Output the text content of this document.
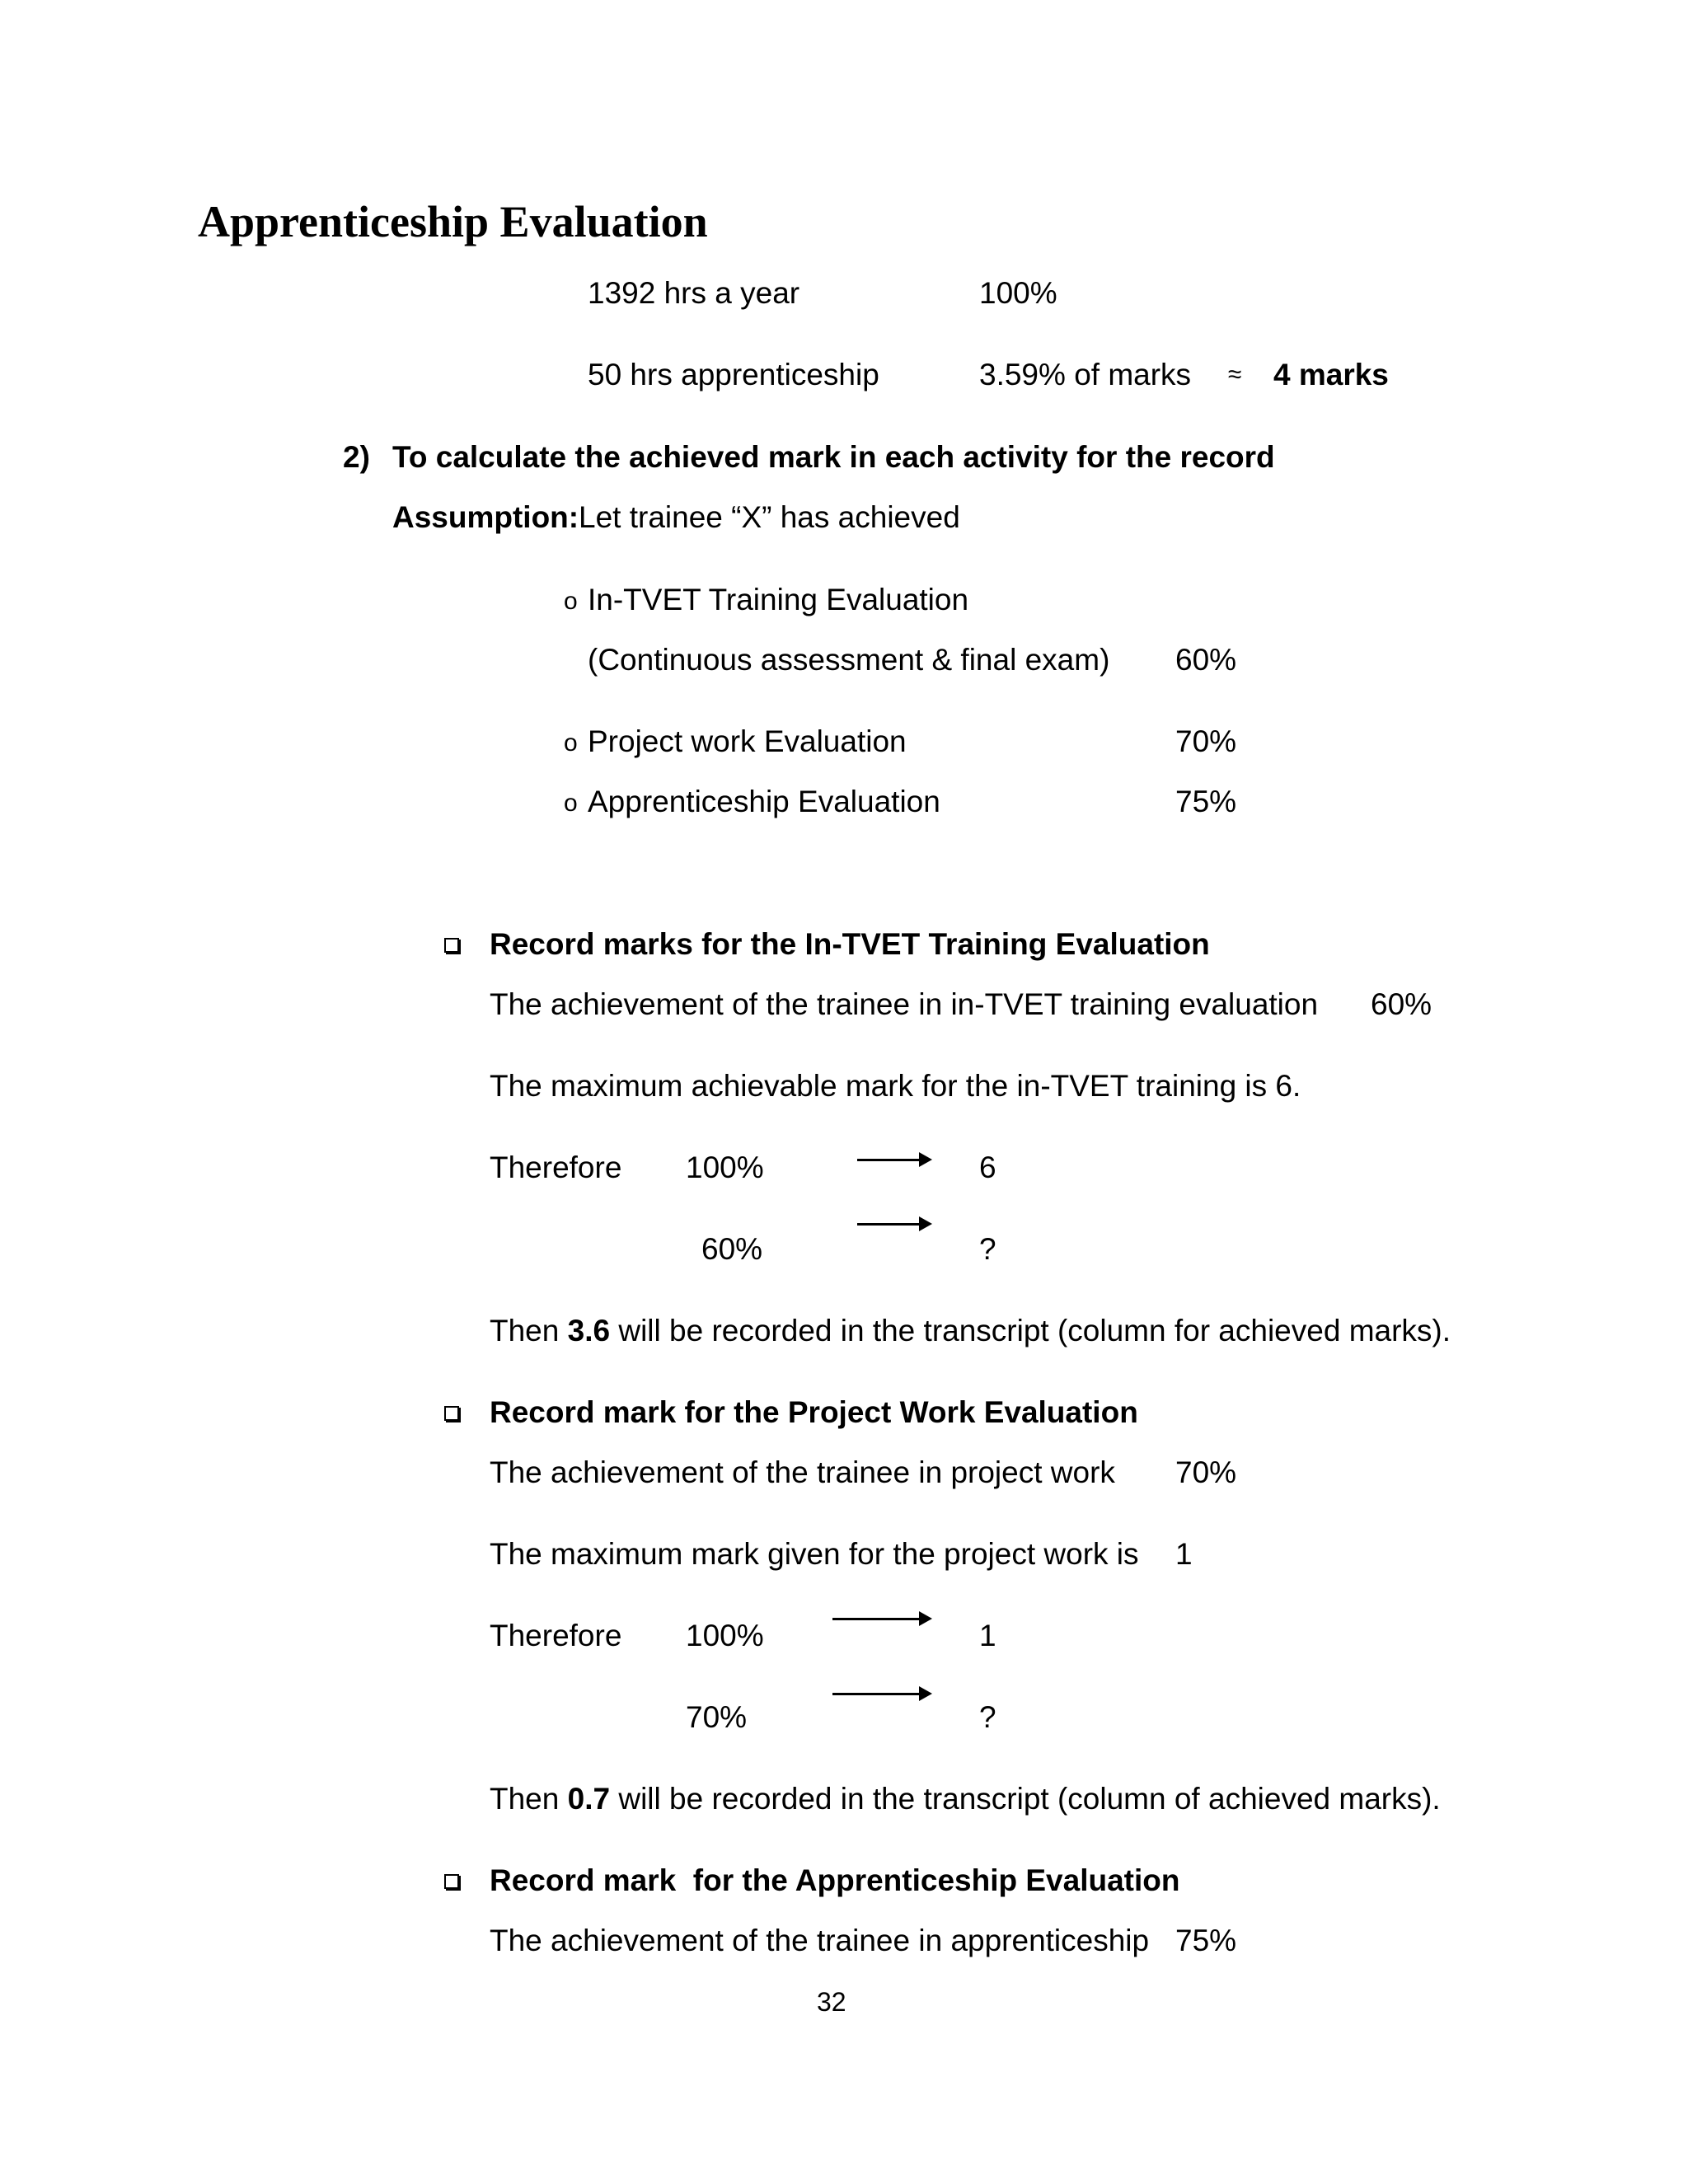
Apprenticeship Evaluation
1392 hrs a year	100%
50 hrs apprenticeship	3.59% of marks ≈ 4 marks
2) To calculate the achieved mark in each activity for the record
Assumption: Let trainee “X” has achieved
o In-TVET Training Evaluation
(Continuous assessment & final exam) 60%
o Project work Evaluation	70%
o Apprenticeship Evaluation	75%
Record marks for the In-TVET Training Evaluation
The achievement of the trainee in in-TVET training evaluation 60%
The maximum achievable mark for the in-TVET training is 6.
Therefore 100%	6
60%	?
Then 3.6 will be recorded in the transcript (column for achieved marks).
Record mark for the Project Work Evaluation
The achievement of the trainee in project work 70%
The maximum mark given for the project work is 1
Therefore 100%	1
70%	?
Then 0.7 will be recorded in the transcript (column of achieved marks).
Record mark  for the Apprenticeship Evaluation
The achievement of the trainee in apprenticeship 75%
32
